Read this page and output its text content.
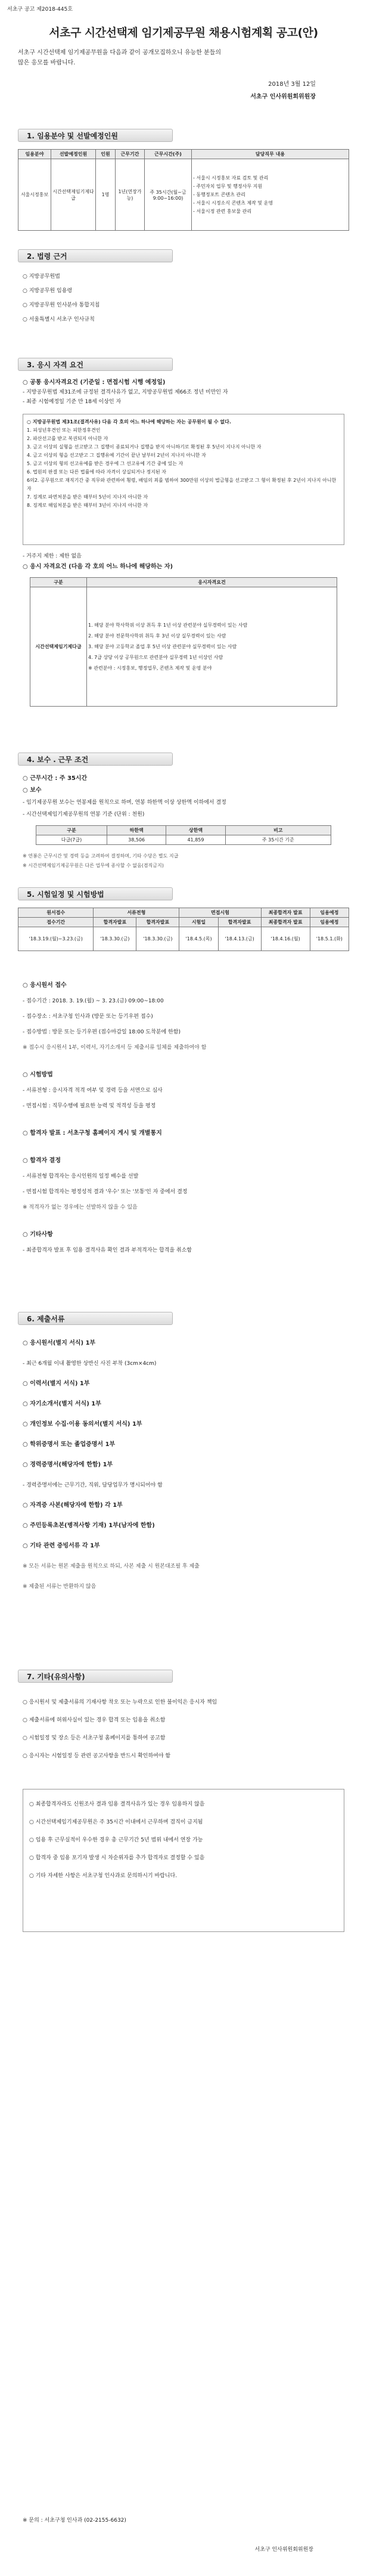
서초구 공고 제2018-445호
서초구 시간선택제 임기제공무원 채용시험계획 공고(안)
서초구 시간선택제 임기제공무원을 다음과 같이 공개모집하오니 유능한 분들의
많은 응모를 바랍니다.
2018년 3월 12일
서초구 인사위원회위원장
1. 임용분야 및 선발예정인원
임용분야	선발예정인원	인원	근무기간	근무시간(주)	담당직무 내용
서울시정홍보	시간선택제임기제다급	1명	1년(연장가능)	주 35시간(월~금 9:00~16:00)	- 서울시 시정홍보 자료 검토 및 관리
- 주민자치 업무 및 행정사무 지원
- 동행정포트 콘텐츠 관리
- 서울시 시정소식 콘텐츠 제작 및 운영
- 서울시정 관련 홍보물 관리
2. 법령 근거
○ 지방공무원법
○ 지방공무원 임용령
○ 지방공무원 인사분야 통합지침
○ 서울특별시 서초구 인사규칙
3. 응시 자격 요건
○ 공통 응시자격요건 (기준일 : 면접시험 시행 예정일)
- 지방공무원법 제31조에 규정된 결격사유가 없고, 지방공무원법 제66조 정년 미만인 자
- 최종 시험예정일 기준 만 18세 이상인 자
○ 지방공무원법 제31조(결격사유) 다음 각 호의 어느 하나에 해당하는 자는 공무원이 될 수 없다.
1. 피성년후견인 또는 피한정후견인
2. 파산선고를 받고 복권되지 아니한 자
3. 금고 이상의 실형을 선고받고 그 집행이 종료되거나 집행을 받지 아니하기로 확정된 후 5년이 지나지 아니한 자
4. 금고 이상의 형을 선고받고 그 집행유예 기간이 끝난 날부터 2년이 지나지 아니한 자
5. 금고 이상의 형의 선고유예를 받은 경우에 그 선고유예 기간 중에 있는 자
6. 법원의 판결 또는 다른 법률에 따라 자격이 상실되거나 정지된 자
6의2. 공무원으로 재직기간 중 직무와 관련하여 횡령, 배임의 죄를 범하여 300만원 이상의 벌금형을 선고받고 그 형이 확정된 후 2년이 지나지 아니한 자
7. 징계로 파면처분을 받은 때부터 5년이 지나지 아니한 자
8. 징계로 해임처분을 받은 때부터 3년이 지나지 아니한 자
- 거주지 제한 : 제한 없음
○ 응시 자격요건 (다음 각 호의 어느 하나에 해당하는 자)
구분	응시자격요건
시간선택제임기제다급	1. 해당 분야 학사학위 이상 취득 후 1년 이상 관련분야 실무경력이 있는 사람
2. 해당 분야 전문학사학위 취득 후 3년 이상 실무경력이 있는 사람
3. 해당 분야 고등학교 졸업 후 5년 이상 관련분야 실무경력이 있는 사람
4. 7급 상당 이상 공무원으로 관련분야 실무경력 1년 이상인 사람
※ 관련분야 : 시정홍보, 행정업무, 콘텐츠 제작 및 운영 분야
4. 보수 ․ 근무 조건
○ 근무시간 : 주 35시간
○ 보수
- 임기제공무원 보수는 연봉제를 원칙으로 하며, 연봉 하한액 이상 상한액 이하에서 결정
- 시간선택제임기제공무원의 연봉 기준 (단위 : 천원)
구분	하한액	상한액	비고
다급(7급)	38,506	41,859	주 35시간 기준
※ 연봉은 근무시간 및 경력 등을 고려하여 결정하며, 기타 수당은 별도 지급
※ 시간선택제임기제공무원은 다른 업무에 종사할 수 없음(겸직금지)
5. 시험일정 및 시험방법
원서접수	서류전형		면접시험		최종합격자 발표	임용예정
접수기간	합격자발표	합격자발표	시험일	합격자발표	최종합격자 발표	임용예정
'18.3.19.(월)~3.23.(금)	'18.3.30.(금)	'18.3.30.(금)	'18.4.5.(목)	'18.4.13.(금)	'18.4.16.(월)	'18.5.1.(화)
○ 응시원서 접수
- 접수기간 : 2018. 3. 19.(월) ~ 3. 23.(금) 09:00~18:00
- 접수장소 : 서초구청 인사과 (방문 또는 등기우편 접수)
- 접수방법 : 방문 또는 등기우편 (접수마감일 18:00 도착분에 한함)
※ 접수시 응시원서 1부, 이력서, 자기소개서 등 제출서류 일체를 제출하여야 함
○ 시험방법
- 서류전형 : 응시자격 적격 여부 및 경력 등을 서면으로 심사
- 면접시험 : 직무수행에 필요한 능력 및 적격성 등을 평정
○ 합격자 발표 : 서초구청 홈페이지 게시 및 개별통지
○ 합격자 결정
- 서류전형 합격자는 응시인원의 일정 배수를 선발
- 면접시험 합격자는 평정성적 결과 '우수' 또는 '보통'인 자 중에서 결정
※ 적격자가 없는 경우에는 선발하지 않을 수 있음
○ 기타사항
- 최종합격자 발표 후 임용 결격사유 확인 결과 부적격자는 합격을 취소함
6. 제출서류
○ 응시원서(별지 서식) 1부
- 최근 6개월 이내 촬영한 상반신 사진 부착 (3cm×4cm)
○ 이력서(별지 서식) 1부
○ 자기소개서(별지 서식) 1부
○ 개인정보 수집·이용 동의서(별지 서식) 1부
○ 학위증명서 또는 졸업증명서 1부
○ 경력증명서(해당자에 한함) 1부
- 경력증명서에는 근무기간, 직위, 담당업무가 명시되어야 함
○ 자격증 사본(해당자에 한함) 각 1부
○ 주민등록초본(병적사항 기재) 1부(남자에 한함)
○ 기타 관련 증빙서류 각 1부
※ 모든 서류는 원본 제출을 원칙으로 하되, 사본 제출 시 원본대조필 후 제출
※ 제출된 서류는 반환하지 않음
7. 기타(유의사항)
○ 응시원서 및 제출서류의 기재사항 착오 또는 누락으로 인한 불이익은 응시자 책임
○ 제출서류에 허위사실이 있는 경우 합격 또는 임용을 취소함
○ 시험일정 및 장소 등은 서초구청 홈페이지를 통하여 공고함
○ 응시자는 시험일정 등 관련 공고사항을 반드시 확인하여야 함
○ 최종합격자라도 신원조사 결과 임용 결격사유가 있는 경우 임용하지 않음
○ 시간선택제임기제공무원은 주 35시간 이내에서 근무하며 겸직이 금지됨
○ 임용 후 근무실적이 우수한 경우 총 근무기간 5년 범위 내에서 연장 가능
○ 합격자 중 임용 포기자 발생 시 차순위자를 추가 합격자로 결정할 수 있음
○ 기타 자세한 사항은 서초구청 인사과로 문의하시기 바랍니다.
※ 문의 : 서초구청 인사과 (02-2155-6632)
서초구 인사위원회위원장
